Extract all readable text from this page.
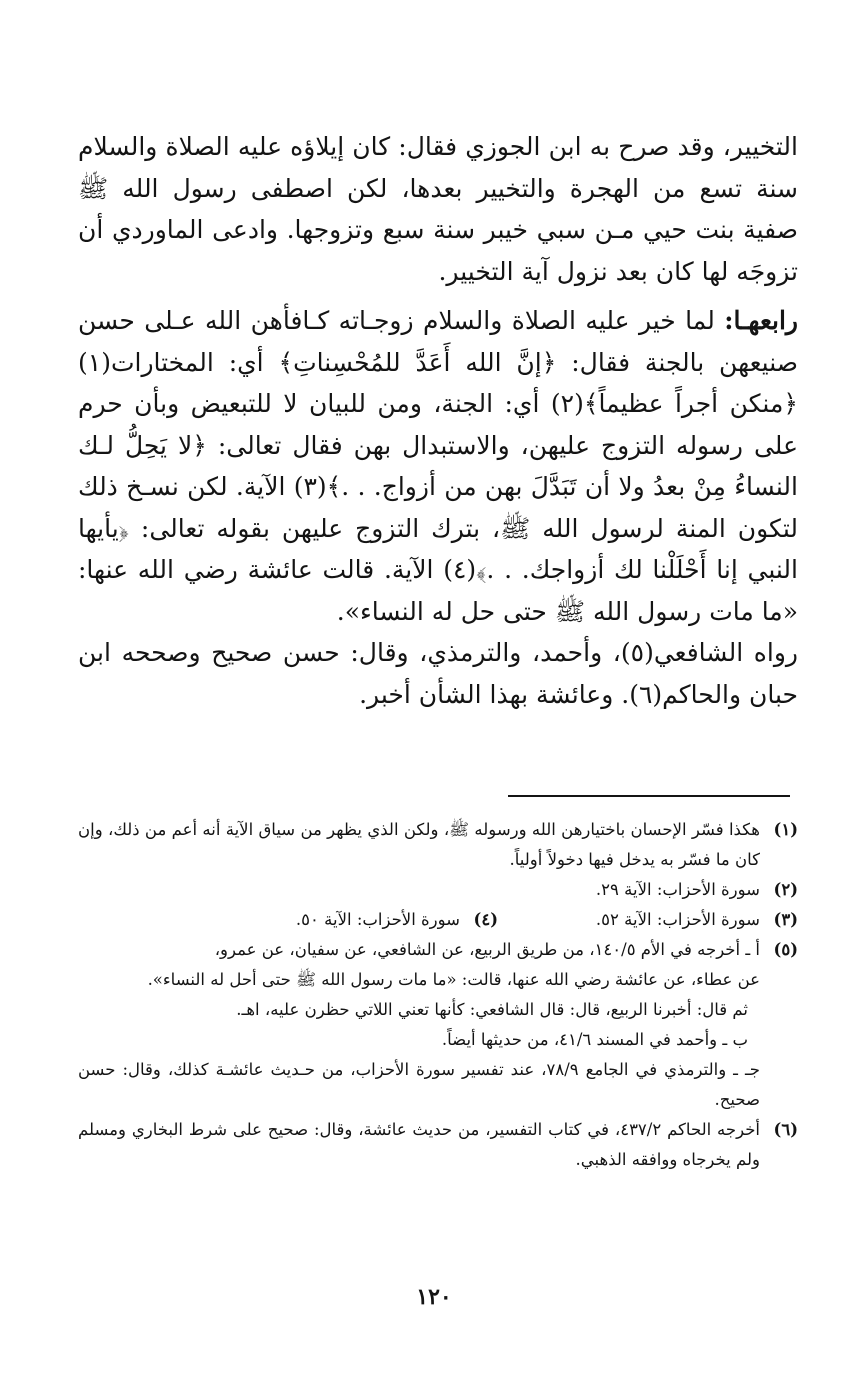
التخيير، وقد صرح به ابن الجوزي فقال: كان إيلاؤه عليه الصلاة والسلام سنة تسع من الهجرة والتخيير بعدها، لكن اصطفى رسول الله ﷺ صفية بنت حيي مـن سبي خيبر سنة سبع وتزوجها. وادعى الماوردي أن تزوجَه لها كان بعد نزول آية التخيير.

رابعهـا: لما خير عليه الصلاة والسلام زوجـاته كـافأهن الله عـلى حسن صنيعهن بالجنة فقال: ﴿إنَّ الله أَعَدَّ للمُحْسِناتِ﴾ أي: المختارات(١) ﴿منكن أجراً عظيماً﴾(٢) أي: الجنة، ومن للبيان لا للتبعيض وبأن حرم على رسوله التزوج عليهن، والاستبدال بهن فقال تعالى: ﴿لا يَحِلُّ لـك النساءُ مِنْ بعدُ ولا أن تَبَدَّلَ بهن من أزواج. . .﴾(٣) الآية. لكن نسـخ ذلك لتكون المنة لرسول الله ﷺ، بترك التزوج عليهن بقوله تعالى: ﴿يأيها النبي إنا أَحْلَلْنا لك أزواجك. . .﴾(٤) الآية. قالت عائشة رضي الله عنها: «ما مات رسول الله ﷺ حتى حل له النساء».

رواه الشافعي(٥)، وأحمد، والترمذي، وقال: حسن صحيح وصححه ابن حبان والحاكم(٦). وعائشة بهذا الشأن أخبر.

(١)
هكذا فسّر الإحسان باختيارهن الله ورسوله ﷺ، ولكن الذي يظهر من سياق الآية أنه أعم من ذلك، وإن كان ما فسّر به يدخل فيها دخولاً أولياً.
(٢)
سورة الأحزاب: الآية ٢٩.
(٣)
سورة الأحزاب: الآية ٥٢.
(٤)
سورة الأحزاب: الآية ٥٠.
(٥)

أ ـ أخرجه في الأم ١٤٠/٥، من طريق الربيع، عن الشافعي، عن سفيان، عن عمرو،

عن عطاء، عن عائشة رضي الله عنها، قالت: «ما مات رسول الله ﷺ حتى أحل له النساء».

ثم قال: أخبرنا الربيع، قال: قال الشافعي: كأنها تعني اللاتي حظرن عليه، اهـ.

ب ـ وأحمد في المسند ٤١/٦، من حديثها أيضاً.

جـ ـ والترمذي في الجامع ٧٨/٩، عند تفسير سورة الأحزاب، من حـديث عائشـة كذلك، وقال: حسن صحيح.

(٦)
أخرجه الحاكم ٤٣٧/٢، في كتاب التفسير، من حديث عائشة، وقال: صحيح على شرط البخاري ومسلم ولم يخرجاه ووافقه الذهبي.
١٢٠
